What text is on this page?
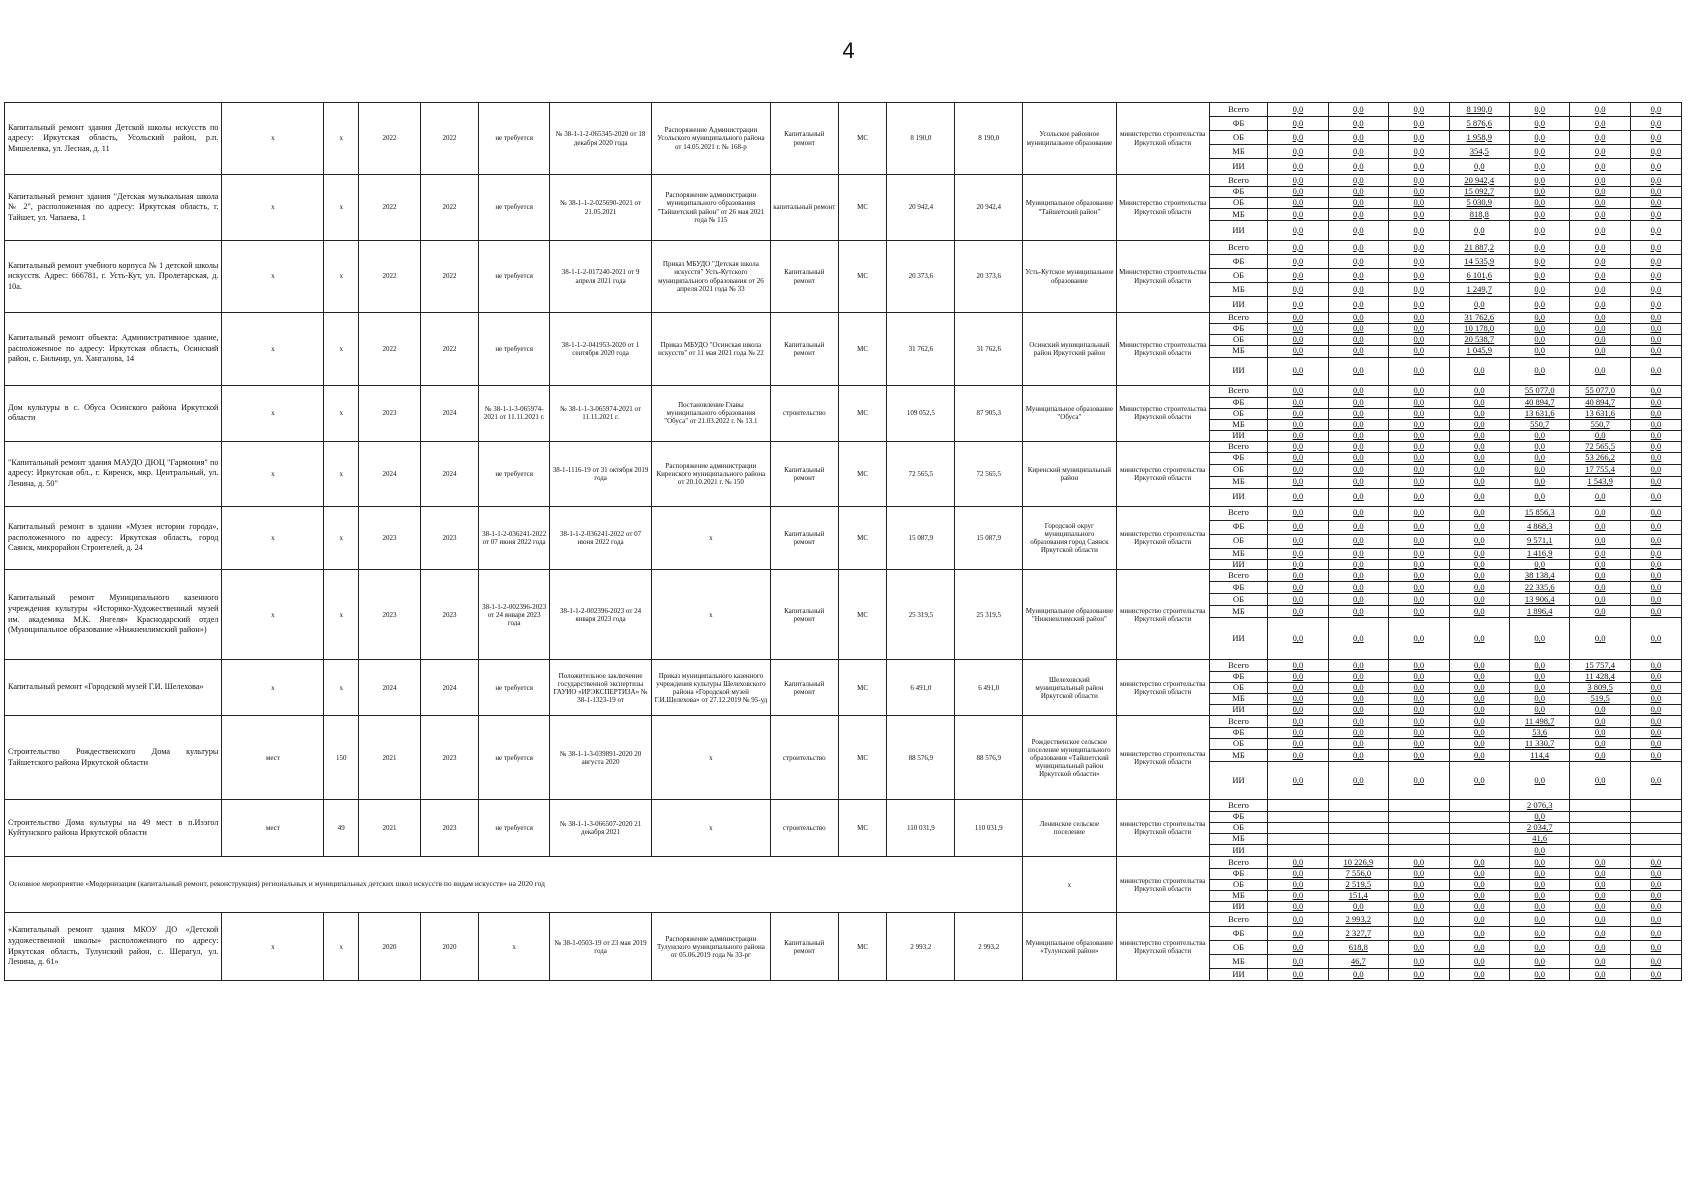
4
Капитальный ремонт здания Детской школы искусств по адресу: Иркутская область, Усольский район, р.п. Мишелевка, ул. Лесная, д. 11	х	х	2022	2022	не требуется	№ 38-1-1-2-065345-2020 от 18 декабря 2020 года	Распоряжение Администрации Усольского муниципального района от 14.05.2021 г. № 168-р	Капитальный ремонт	МС	8 190,0	8 190,0	Усольское районное муниципальное образование	министерство строительства Иркутской области	Всего	0,0	0,0	0,0	8 190,0	0,0	0,0	0,0
														ФБ	0,0	0,0	0,0	5 876,6	0,0	0,0	0,0
														ОБ	0,0	0,0	0,0	1 958,9	0,0	0,0	0,0
														МБ	0,0	0,0	0,0	354,5	0,0	0,0	0,0
														ИИ	0,0	0,0	0,0	0,0	0,0	0,0	0,0
Капитальный ремонт здания "Детская музыкальная школа № 2", расположенная по адресу: Иркутская область, г. Тайшет, ул. Чапаева, 1	х	х	2022	2022	не требуется	№ 38-1-1-2-025690-2021 от 21.05.2021	Распоряжение администрации муниципального образования "Тайшетский район" от 26 мая 2021 года № 115	капитальный ремонт	МС	20 942,4	20 942,4	Муниципальное образование "Тайшетский район"	Министерство строительства Иркутской области	Всего	0,0	0,0	0,0	20 942,4	0,0	0,0	0,0
														ФБ	0,0	0,0	0,0	15 092,7	0,0	0,0	0,0
														ОБ	0,0	0,0	0,0	5 030,9	0,0	0,0	0,0
														МБ	0,0	0,0	0,0	818,8	0,0	0,0	0,0
														ИИ	0,0	0,0	0,0	0,0	0,0	0,0	0,0
Капитальный ремонт учебного корпуса № 1 детской школы искусств. Адрес: 666781, г. Усть-Кут, ул. Пролетарская, д. 10а.	х	х	2022	2022	не требуется	38-1-1-2-017240-2021 от 9 апреля 2021 года	Приказ МБУДО "Детская школа искусств" Усть-Кутского муниципального образования от 26 апреля 2021 года № 33	Капитальный ремонт	МС	20 373,6	20 373,6	Усть-Кутское муниципальное образование	Министерство строительства Иркутской области	Всего	0,0	0,0	0,0	21 887,2	0,0	0,0	0,0
														ФБ	0,0	0,0	0,0	14 535,9	0,0	0,0	0,0
														ОБ	0,0	0,0	0,0	6 101,6	0,0	0,0	0,0
														МБ	0,0	0,0	0,0	1 249,7	0,0	0,0	0,0
														ИИ	0,0	0,0	0,0	0,0	0,0	0,0	0,0
Капитальный ремонт объекта: Административное здание, расположенное по адресу: Иркутская область, Осинский район, с. Бильчир, ул. Хангалова, 14	х	х	2022	2022	не требуется	38-1-1-2-041953-2020 от 1 сентября 2020 года	Приказ МБУДО "Осинская школа искусств" от 11 мая 2021 года № 22	Капитальный ремонт	МС	31 762,6	31 762,6	Осинский муниципальный район Иркутский район	Министерство строительства Иркутской области	Всего	0,0	0,0	0,0	31 762,6	0,0	0,0	0,0
														ФБ	0,0	0,0	0,0	10 178,0	0,0	0,0	0,0
														ОБ	0,0	0,0	0,0	20 538,7	0,0	0,0	0,0
														МБ	0,0	0,0	0,0	1 045,9	0,0	0,0	0,0
														ИИ	0,0	0,0	0,0	0,0	0,0	0,0	0,0
Дом культуры в с. Обуса Осинского района Иркутской области	х	х	2023	2024	№ 38-1-1-3-065974-2021 от 11.11.2021 г.	№ 38-1-1-3-065974-2021 от 11.11.2021 г.	Постановление Главы муниципального образования "Обуса" от 21.03.2022 г. № 13.1	строительство	МС	109 052,5	87 905,3	Муниципальное образование "Обуса"	Министерство строительства Иркутской области	Всего	0,0	0,0	0,0	0,0	55 077,0	55 077,0	0,0
														ФБ	0,0	0,0	0,0	0,0	40 894,7	40 894,7	0,0
														ОБ	0,0	0,0	0,0	0,0	13 631,6	13 631,6	0,0
														МБ	0,0	0,0	0,0	0,0	550,7	550,7	0,0
														ИИ	0,0	0,0	0,0	0,0	0,0	0,0	0,0
"Капитальный ремонт здания МАУДО ДЮЦ "Гармония" по адресу: Иркутская обл., г. Киренск, мкр. Центральный, ул. Ленина, д. 50"	х	х	2024	2024	не требуется	38-1-1116-19 от 31 октября 2019 года	Распоряжение администрации Киренского муниципального района от 20.10.2021 г. № 150	Капитальный ремонт	МС	72 565,5	72 565,5	Киренский муниципальный район	министерство строительства Иркутской области	Всего	0,0	0,0	0,0	0,0	0,0	72 565,5	0,0
														ФБ	0,0	0,0	0,0	0,0	0,0	53 266,2	0,0
														ОБ	0,0	0,0	0,0	0,0	0,0	17 755,4	0,0
														МБ	0,0	0,0	0,0	0,0	0,0	1 543,9	0,0
														ИИ	0,0	0,0	0,0	0,0	0,0	0,0	0,0
Капитальный ремонт в здании «Музея истории города», расположенного по адресу: Иркутская область, город Саянск, микрорайон Строителей, д. 24	х	х	2023	2023	38-1-1-2-036241-2022 от 07 июня 2022 года	38-1-1-2-036241-2022 от 07 июня 2022 года	х	Капитальный ремонт	МС	15 087,9	15 087,9	Городской округ муниципального образования город Саянск Иркутской области	министерство строительства Иркутской области	Всего	0,0	0,0	0,0	0,0	15 856,3	0,0	0,0
														ФБ	0,0	0,0	0,0	0,0	4 868,3	0,0	0,0
														ОБ	0,0	0,0	0,0	0,0	9 571,1	0,0	0,0
														МБ	0,0	0,0	0,0	0,0	1 416,9	0,0	0,0
														ИИ	0,0	0,0	0,0	0,0	0,0	0,0	0,0
Капитальный ремонт Муниципального казенного учреждения культуры «Историко-Художественный музей им. академика М.К. Янгеля» Краснодарский отдел (Муниципальное образование «Нижнеилимский район»)	х	х	2023	2023	38-1-1-2-002396-2023 от 24 января 2023 года	38-1-1-2-002396-2023 от 24 января 2023 года	х	Капитальный ремонт	МС	25 319,5	25 319,5	Муниципальное образование "Нижнеилимский район"	министерство строительства Иркутской области	Всего	0,0	0,0	0,0	0,0	38 138,4	0,0	0,0
														ФБ	0,0	0,0	0,0	0,0	22 335,6	0,0	0,0
														ОБ	0,0	0,0	0,0	0,0	13 906,4	0,0	0,0
														МБ	0,0	0,0	0,0	0,0	1 896,4	0,0	0,0
														ИИ	0,0	0,0	0,0	0,0	0,0	0,0	0,0
Капитальный ремонт «Городской музей Г.И. Шелехова»	х	х	2024	2024	не требуется	Положительное заключение государственной экспертизы ГАУИО «ИРЭКСПЕРТИЗА» № 38-1-1323-19 от	Приказ муниципального казенного учреждения культуры Шелеховского района «Городской музей Г.И.Шелехова» от 27.12.2019 № 95-уд	Капитальный ремонт	МС	6 491,0	6 491,0	Шелеховский муниципальный район Иркутской области	министерство строительства Иркутской области	Всего	0,0	0,0	0,0	0,0	0,0	15 757,4	0,0
														ФБ	0,0	0,0	0,0	0,0	0,0	11 428,4	0,0
														ОБ	0,0	0,0	0,0	0,0	0,0	3 809,5	0,0
														МБ	0,0	0,0	0,0	0,0	0,0	519,5	0,0
														ИИ	0,0	0,0	0,0	0,0	0,0	0,0	0,0
Строительство Рождественского Дома культуры Тайшетского района Иркутской области	мест	150	2021	2023	не требуется	№ 38-1-1-3-039891-2020 20 августа 2020	х	строительство	МС	88 576,9	88 576,9	Рождественское сельское поселение муниципального образования «Тайшетский муниципальный район Иркутской области»	министерство строительства Иркутской области	Всего	0,0	0,0	0,0	0,0	11 498,7	0,0	0,0
														ФБ	0,0	0,0	0,0	0,0	53,6	0,0	0,0
														ОБ	0,0	0,0	0,0	0,0	11 330,7	0,0	0,0
														МБ	0,0	0,0	0,0	0,0	114,4	0,0	0,0
														ИИ	0,0	0,0	0,0	0,0	0,0	0,0	0,0
Строительство Дома культуры на 49 мест в п.Изэгол Куйтунского района Иркутской области	мест	49	2021	2023	не требуется	№ 38-1-1-3-066507-2020 21 декабря 2021	х	строительство	МС	110 031,9	110 031,9	Ленинское сельское поселение	министерство строительства Иркутской области	Всего					2 076,3		
														ФБ					0,0		
														ОБ					2 034,7		
														МБ					41,6		
														ИИ					0,0		
Основное мероприятие «Модернизация (капитальный ремонт, реконструкция) региональных и муниципальных детских школ искусств по видам искусств» на 2020 год												х	министерство строительства Иркутской области	Всего	0,0	10 226,9	0,0	0,0	0,0	0,0	0,0
														ФБ	0,0	7 556,0	0,0	0,0	0,0	0,0	0,0
														ОБ	0,0	2 519,5	0,0	0,0	0,0	0,0	0,0
														МБ	0,0	151,4	0,0	0,0	0,0	0,0	0,0
														ИИ	0,0	0,0	0,0	0,0	0,0	0,0	0,0
«Капитальный ремонт здания МКОУ ДО «Детской художественной школы» расположенного по адресу: Иркутская область, Тулунский район, с. Шерагул, ул. Ленина, д. 61»	х	х	2020	2020	х	№ 38-1-0503-19 от 23 мая 2019 года	Распоряжение администрации Тулунского муниципального района от 05.06.2019 года № 33-рг	Капитальный ремонт	МС	2 993,2	2 993,2	Муниципальное образование «Тулунский район»	министерство строительства Иркутской области	Всего	0,0	2 993,2	0,0	0,0	0,0	0,0	0,0
														ФБ	0,0	2 327,7	0,0	0,0	0,0	0,0	0,0
														ОБ	0,0	618,8	0,0	0,0	0,0	0,0	0,0
														МБ	0,0	46,7	0,0	0,0	0,0	0,0	0,0
														ИИ	0,0	0,0	0,0	0,0	0,0	0,0	0,0
